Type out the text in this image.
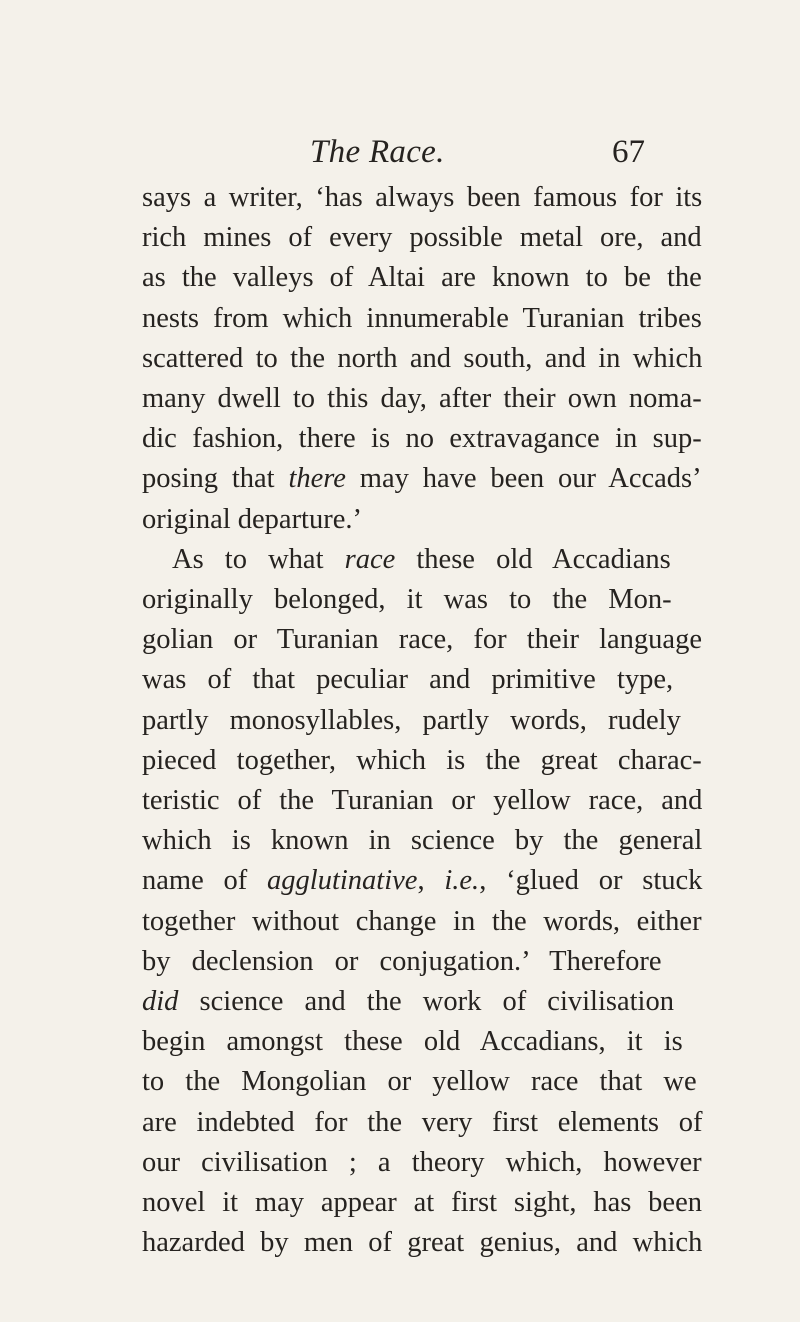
The Race.	67
says a writer, ‘has always been famous for its
rich mines of every possible metal ore, and
as the valleys of Altai are known to be the
nests from which innumerable Turanian tribes
scattered to the north and south, and in which
many dwell to this day, after their own noma-
dic fashion, there is no extravagance in sup-
posing that there may have been our Accads’
original departure.’
As to what race these old Accadians
originally belonged, it was to the Mon-
golian or Turanian race, for their language
was of that peculiar and primitive type,
partly monosyllables, partly words, rudely
pieced together, which is the great charac-
teristic of the Turanian or yellow race, and
which is known in science by the general
name of agglutinative, i.e., ‘glued or stuck
together without change in the words, either
by declension or conjugation.’ Therefore
did science and the work of civilisation
begin amongst these old Accadians, it is
to the Mongolian or yellow race that we
are indebted for the very first elements of
our civilisation ; a theory which, however
novel it may appear at first sight, has been
hazarded by men of great genius, and which
